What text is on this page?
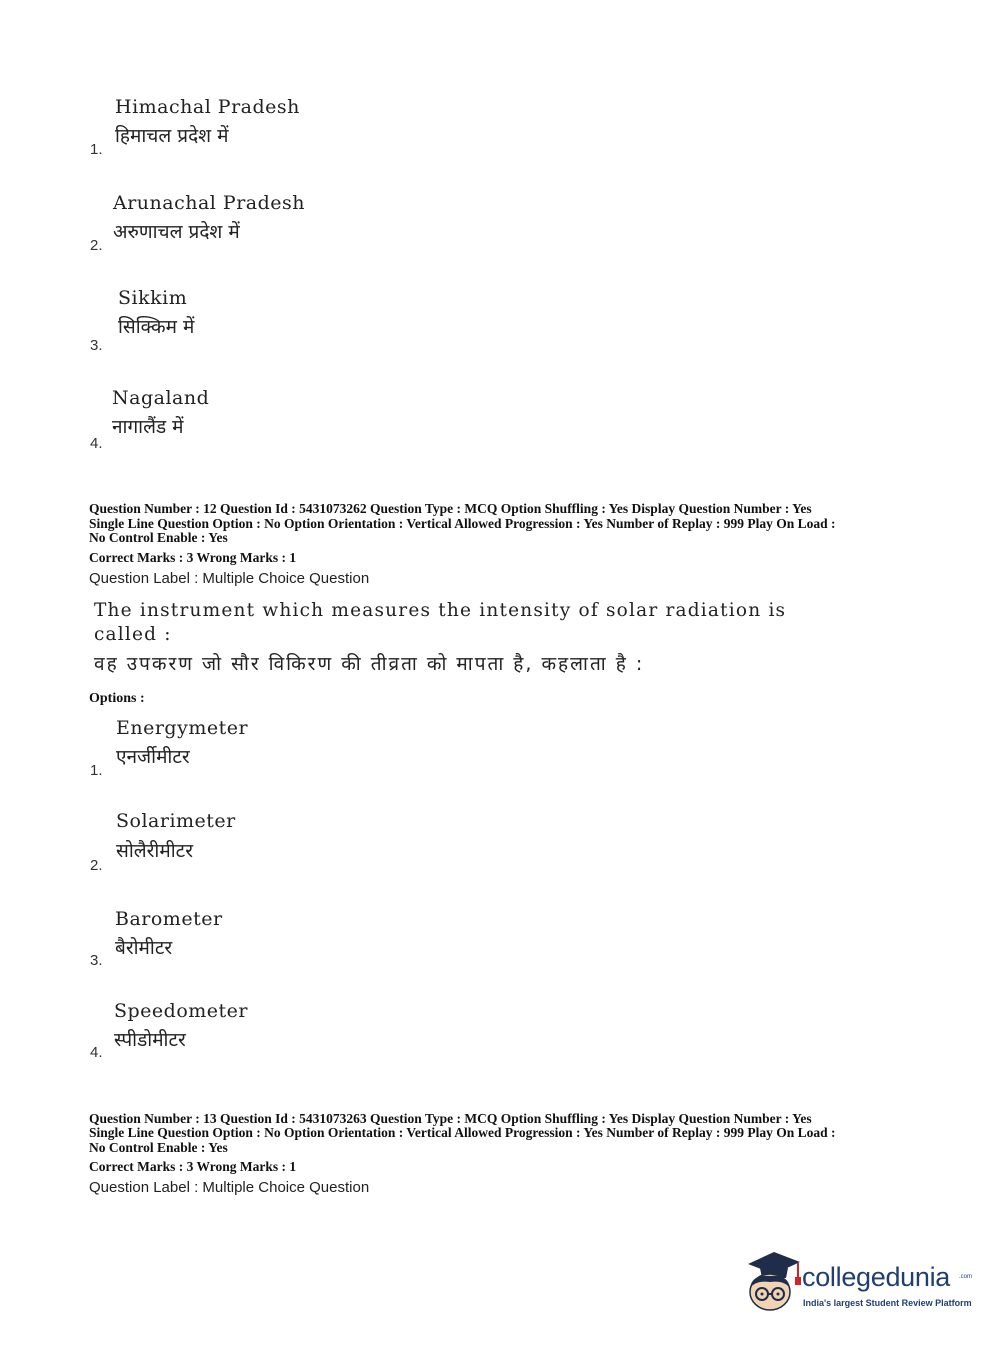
Himachal Pradesh
हिमाचल प्रदेश में
1.
Arunachal Pradesh
अरुणाचल प्रदेश में
2.
Sikkim
सिक्किम में
3.
Nagaland
नागालैंड में
4.
Question Number : 12 Question Id : 5431073262 Question Type : MCQ Option Shuffling : Yes Display Question Number : Yes
Single Line Question Option : No Option Orientation : Vertical Allowed Progression : Yes Number of Replay : 999 Play On Load :
No Control Enable : Yes
Correct Marks : 3 Wrong Marks : 1
Question Label : Multiple Choice Question
The instrument which measures the intensity of solar radiation is
called :
वह उपकरण जो सौर विकिरण की तीव्रता को मापता है, कहलाता है :
Options :
Energymeter
एनर्जीमीटर
1.
Solarimeter
सोलैरीमीटर
2.
Barometer
बैरोमीटर
3.
Speedometer
स्पीडोमीटर
4.
Question Number : 13 Question Id : 5431073263 Question Type : MCQ Option Shuffling : Yes Display Question Number : Yes
Single Line Question Option : No Option Orientation : Vertical Allowed Progression : Yes Number of Replay : 999 Play On Load :
No Control Enable : Yes
Correct Marks : 3 Wrong Marks : 1
Question Label : Multiple Choice Question
collegedunia .com
India's largest Student Review Platform
